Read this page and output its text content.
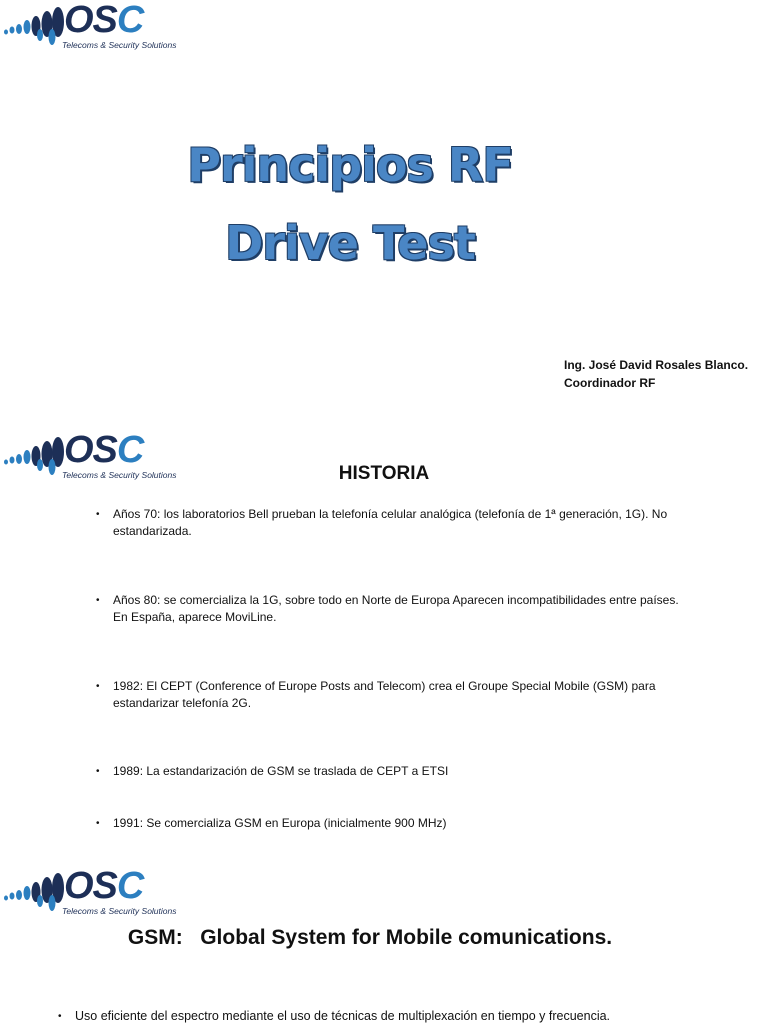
OSC
Telecoms & Security Solutions
Principios RF
Drive Test
Ing. José David Rosales Blanco.
Coordinador RF
OSC
Telecoms & Security Solutions	HISTORIA
• Años 70: los laboratorios Bell prueban la telefonía celular analógica (telefonía de 1ª generación, 1G). No estandarizada.
• Años 80: se comercializa la 1G, sobre todo en Norte de Europa Aparecen incompatibilidades entre países. En España, aparece MoviLine.
• 1982: El CEPT (Conference of Europe Posts and Telecom) crea el Groupe Special Mobile (GSM) para estandarizar telefonía 2G.
• 1989: La estandarización de GSM se traslada de CEPT a ETSI
• 1991: Se comercializa GSM en Europa (inicialmente 900 MHz)
OSC
Telecoms & Security Solutions
GSM:   Global System for Mobile comunications.
• Uso eficiente del espectro mediante el uso de técnicas de multiplexación en tiempo y frecuencia.
